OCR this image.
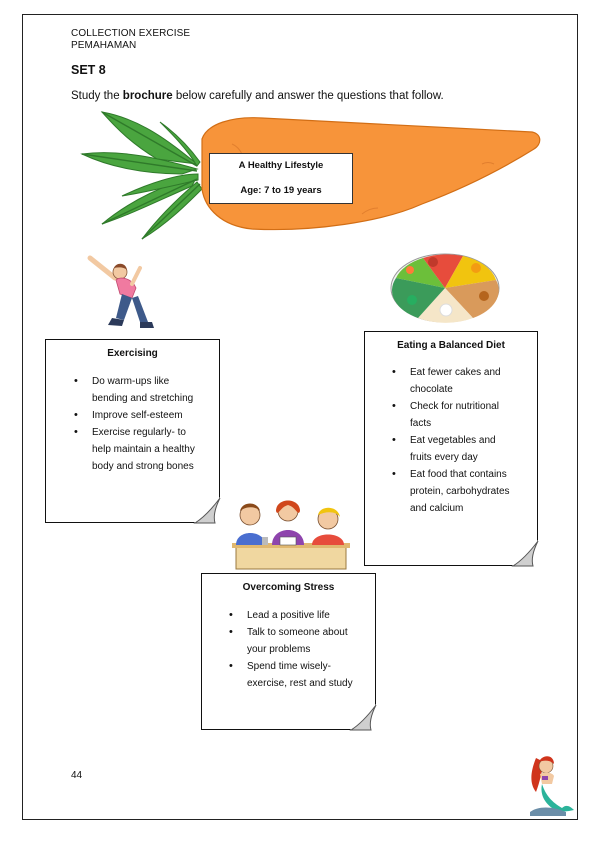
COLLECTION EXERCISE
PEMAHAMAN
SET 8
Study the brochure below carefully and answer the questions that follow.
A Healthy Lifestyle
Age: 7 to 19 years
Exercising
• Do warm-ups like
bending and stretching
• Improve self-esteem
• Exercise regularly- to
help maintain a healthy
body and strong bones
Eating a Balanced Diet
• Eat fewer cakes and
chocolate
• Check for nutritional
facts
• Eat vegetables and
fruits every day
• Eat food that contains
protein, carbohydrates
and calcium
Overcoming Stress
• Lead a positive life
• Talk to someone about
your problems
• Spend time wisely-
exercise, rest and study
44
